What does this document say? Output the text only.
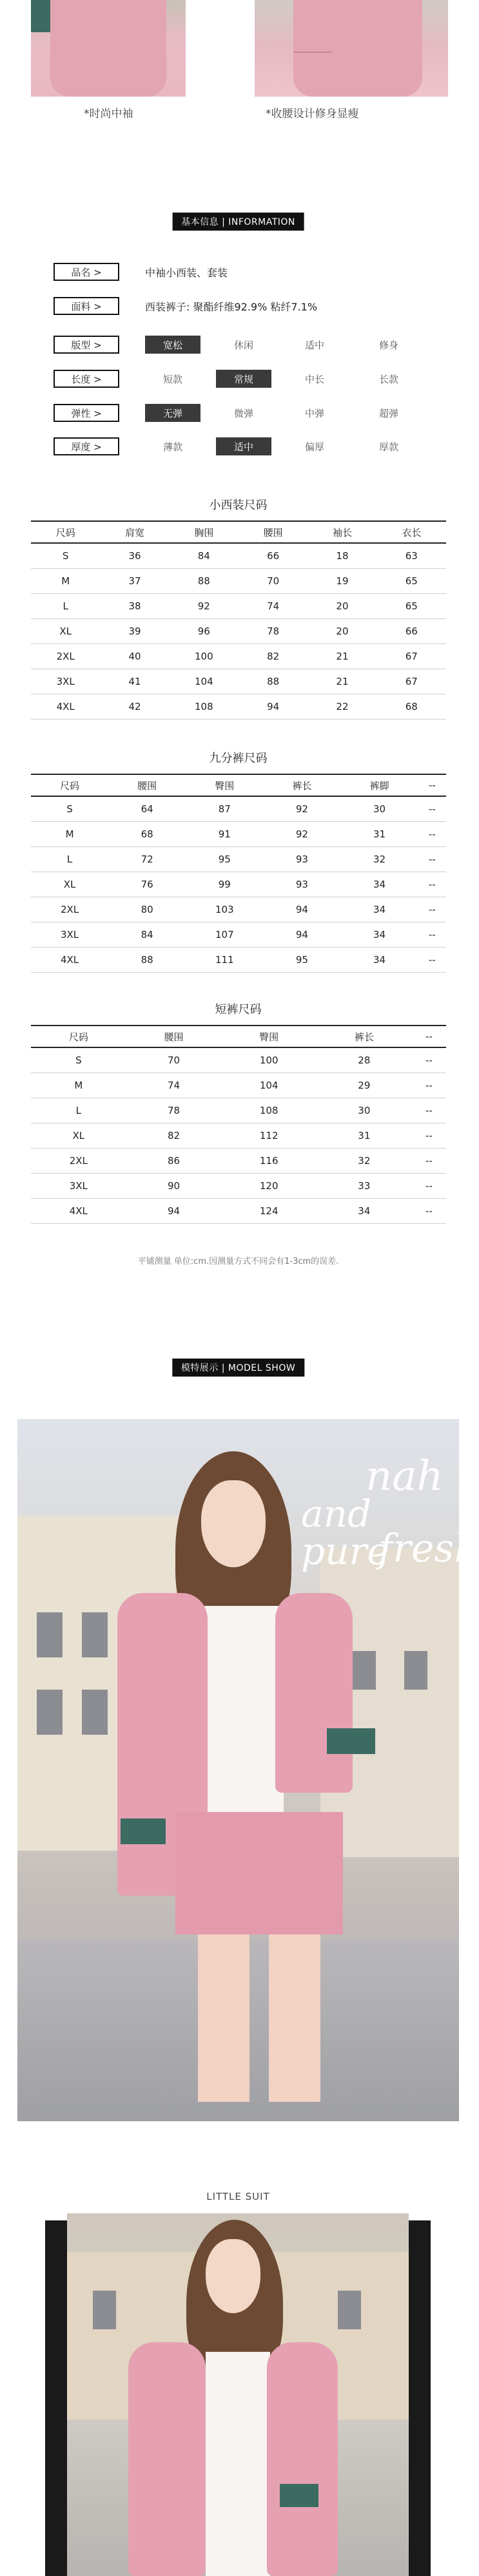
*时尚中袖	*收腰设计修身显瘦
基本信息 | INFORMATION
品名 >	中袖小西装、套装
面料 >	西装裤子: 聚酯纤维92.9% 粘纤7.1%
版型 >	宽松	休闲	适中	修身
长度 >	短款	常规	中长	长款
弹性 >	无弹	微弹	中弹	超弹
厚度 >	薄款	适中	偏厚	厚款
小西装尺码
尺码	肩宽	胸围	腰围	袖长	衣长
S	36	84	66	18	63
M	37	88	70	19	65
L	38	92	74	20	65
XL	39	96	78	20	66
2XL	40	100	82	21	67
3XL	41	104	88	21	67
4XL	42	108	94	22	68
九分裤尺码
尺码	腰围	臀围	裤长	裤脚	--
S	64	87	92	30	--
M	68	91	92	31	--
L	72	95	93	32	--
XL	76	99	93	34	--
2XL	80	103	94	34	--
3XL	84	107	94	34	--
4XL	88	111	95	34	--
短裤尺码
尺码	腰围	臀围	裤长	--
S	70	100	28	--
M	74	104	29	--
L	78	108	30	--
XL	82	112	31	--
2XL	86	116	32	--
3XL	90	120	33	--
4XL	94	124	34	--
平铺测量 单位:cm.因测量方式不同会有1-3cm的误差.
模特展示 | MODEL SHOW
nah
and pure
fresh
LITTLE SUIT
